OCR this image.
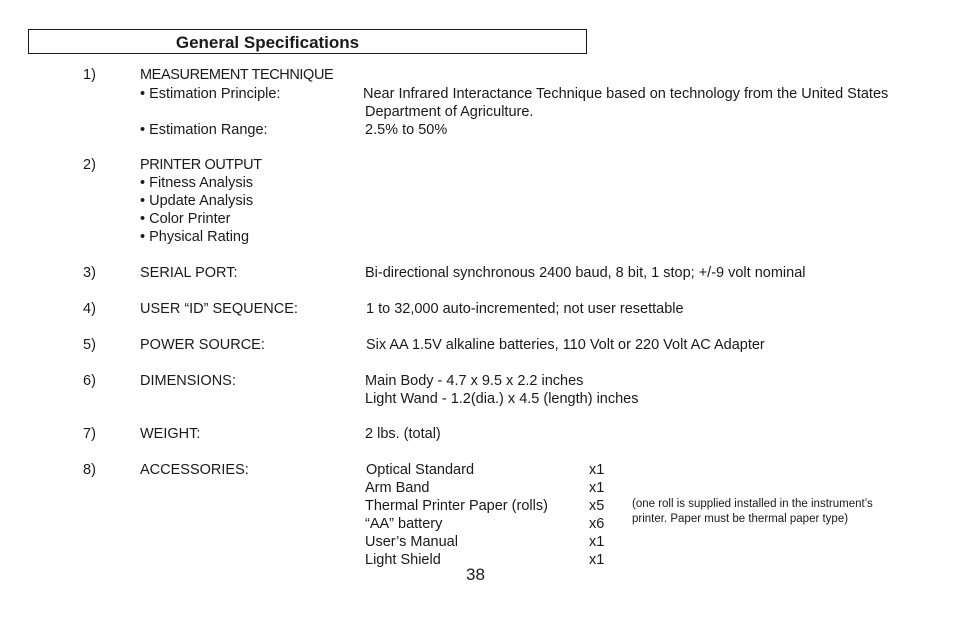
General Specifications
1)	MEASUREMENT TECHNIQUE
• Estimation Principle:	Near Infrared Interactance Technique based on technology from the United States
Department of Agriculture.
• Estimation Range:	2.5% to 50%
2)	PRINTER OUTPUT
• Fitness Analysis
• Update Analysis
• Color Printer
• Physical Rating
3)	SERIAL PORT:	Bi-directional synchronous 2400 baud, 8 bit, 1 stop; +/-9 volt nominal
4)	USER “ID” SEQUENCE:	1 to 32,000 auto-incremented; not user resettable
5)	POWER SOURCE:	Six AA 1.5V alkaline batteries, 110 Volt or 220 Volt AC Adapter
6)	DIMENSIONS:	Main Body - 4.7 x 9.5 x 2.2 inches
Light Wand - 1.2(dia.) x 4.5 (length) inches
7)	WEIGHT:	2 lbs. (total)
8)	ACCESSORIES:	Optical Standard	x1
Arm Band	x1
Thermal Printer Paper (rolls)	x5
“AA” battery	x6
User’s Manual	x1
Light Shield	x1
(one roll is supplied installed in the instrument’s
printer. Paper must be thermal paper type)
38
